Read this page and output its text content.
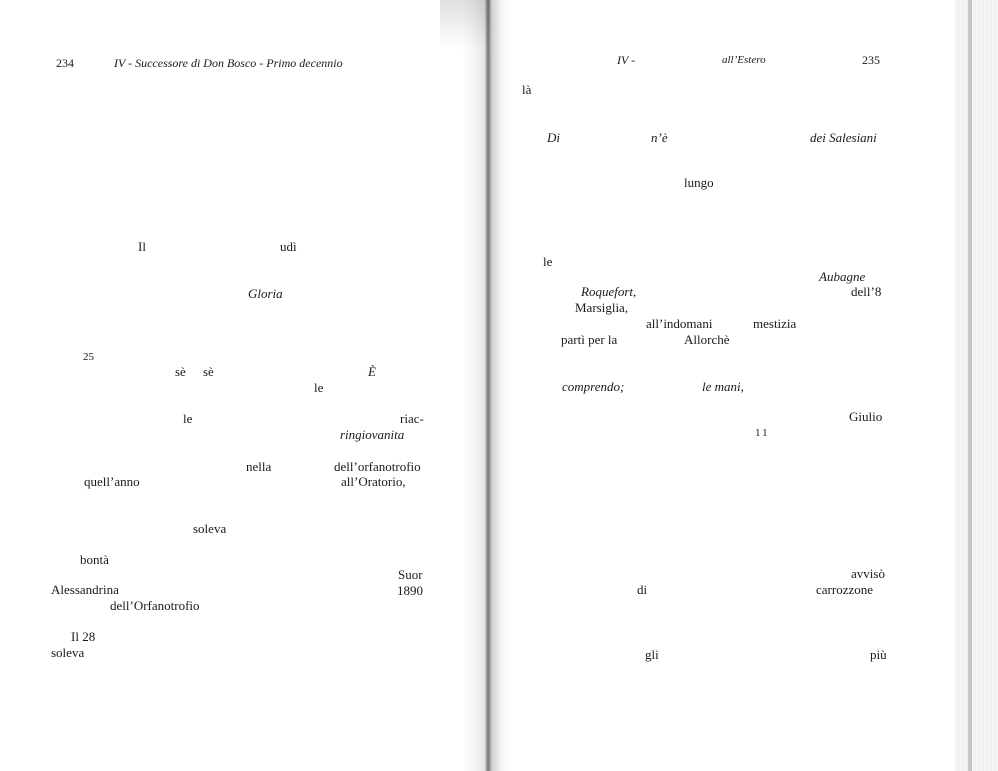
234	IV - Successore di Don Bosco - Primo decennio
Il	udì
Gloria
25
sè sè	È
le
le	riac-
ringiovanita
nella	dell’orfanotrofio
quell’anno	all’Oratorio,
soleva
bontà
Suor
Alessandrina	1890
dell’Orfanotrofio
Il 28
soleva
IV -	all’Estero	235
là
Di	n’è	dei Salesiani
lungo
le
Aubagne
Roquefort,	dell’8
Marsiglia,
all’indomani	mestizia
partì per la	Allorchè
comprendo;	le mani,
Giulio
11
avvisò
di	carrozzone
gli	più
